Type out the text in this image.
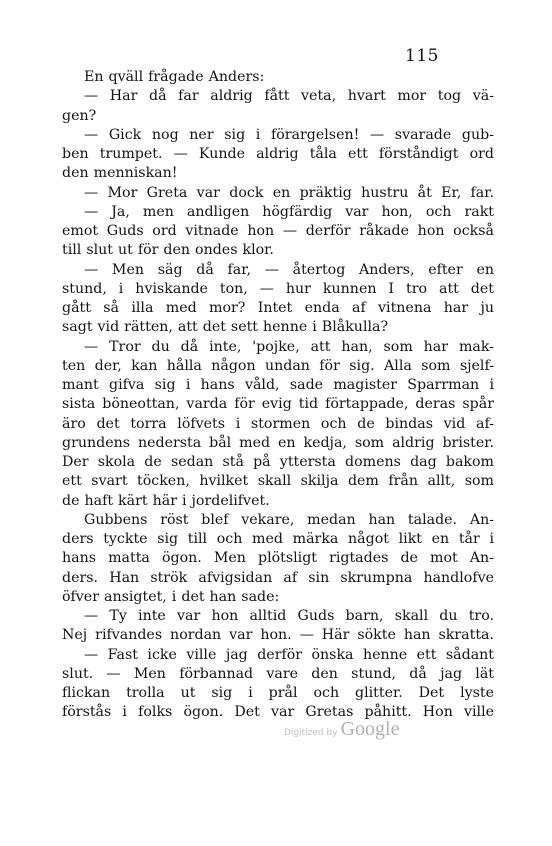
115
En qväll frågade Anders:
— Har då far aldrig fått veta, hvart mor tog vä-
gen?
— Gick nog ner sig i förargelsen! — svarade gub-
ben trumpet. — Kunde aldrig tåla ett förståndigt ord
den menniskan!
— Mor Greta var dock en präktig hustru åt Er, far.
— Ja, men andligen högfärdig var hon, och rakt
emot Guds ord vitnade hon — derför råkade hon också
till slut ut för den ondes klor.
— Men säg då far, — återtog Anders, efter en
stund, i hviskande ton, — hur kunnen I tro att det
gått så illa med mor? Intet enda af vitnena har ju
sagt vid rätten, att det sett henne i Blåkulla?
— Tror du då inte, 'pojke, att han, som har mak-
ten der, kan hålla någon undan för sig. Alla som sjelf-
mant gifva sig i hans våld, sade magister Sparrman i
sista böneottan, varda för evig tid förtappade, deras spår
äro det torra löfvets i stormen och de bindas vid af-
grundens nedersta bål med en kedja, som aldrig brister.
Der skola de sedan stå på yttersta domens dag bakom
ett svart töcken, hvilket skall skilja dem från allt, som
de haft kärt här i jordelifvet.
Gubbens röst blef vekare, medan han talade. An-
ders tyckte sig till och med märka något likt en tår i
hans matta ögon. Men plötsligt rigtades de mot An-
ders. Han strök afvigsidan af sin skrumpna handlofve
öfver ansigtet, i det han sade:
— Ty inte var hon alltid Guds barn, skall du tro.
Nej rifvandes nordan var hon. — Här sökte han skratta.
— Fast icke ville jag derför önska henne ett sådant
slut. — Men förbannad vare den stund, då jag lät
flickan trolla ut sig i prål och glitter. Det lyste
förstås i folks ögon. Det var Gretas påhitt. Hon ville
Digitized by Google
